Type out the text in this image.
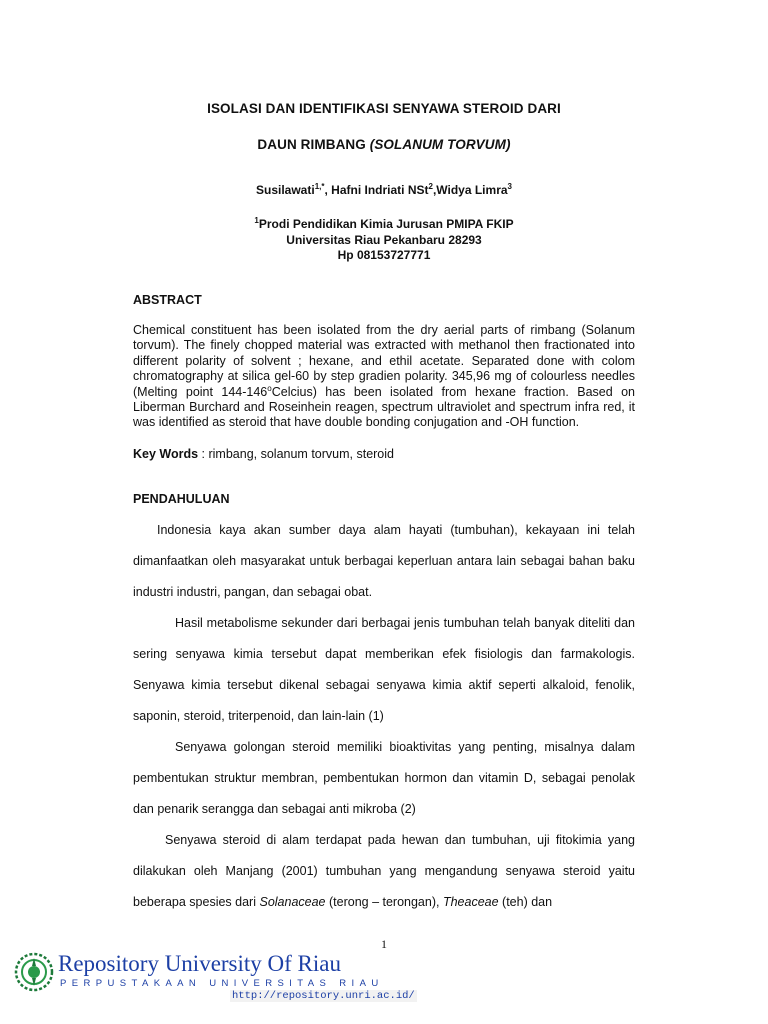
ISOLASI DAN IDENTIFIKASI SENYAWA STEROID DARI
DAUN RIMBANG (SOLANUM TORVUM)
Susilawati$^{1,*}$, Hafni Indriati NSt$^2$,Widya Limra$^3$
$^1$Prodi Pendidikan Kimia Jurusan PMIPA FKIP
Universitas Riau Pekanbaru 28293
Hp 08153727771
ABSTRACT
Chemical constituent has been isolated from the dry aerial parts of rimbang (Solanum torvum). The finely chopped material was extracted with methanol then fractionated into different polarity of solvent ; hexane, and ethil acetate. Separated done with colom chromatography at silica gel-60 by step gradien polarity. 345,96 mg of colourless needles (Melting point 144-146$^o$Celcius) has been isolated from hexane fraction. Based on Liberman Burchard and Roseinhein reagen, spectrum ultraviolet and spectrum infra red, it was identified as steroid that have double bonding conjugation and -OH function.
Key Words : rimbang, solanum torvum, steroid
PENDAHULUAN

Indonesia kaya akan sumber daya alam hayati (tumbuhan), kekayaan ini telah dimanfaatkan oleh masyarakat untuk berbagai keperluan antara lain sebagai bahan baku industri industri, pangan, dan sebagai obat.

Hasil metabolisme sekunder dari berbagai jenis tumbuhan telah banyak diteliti dan sering senyawa kimia tersebut dapat memberikan efek fisiologis dan farmakologis. Senyawa kimia tersebut dikenal sebagai senyawa kimia aktif seperti alkaloid, fenolik, saponin, steroid, triterpenoid, dan lain-lain (1)

Senyawa golongan steroid memiliki bioaktivitas yang penting, misalnya dalam pembentukan struktur membran, pembentukan hormon dan vitamin D, sebagai penolak dan penarik serangga dan sebagai anti mikroba (2)

Senyawa steroid di alam terdapat pada hewan dan tumbuhan, uji fitokimia yang dilakukan oleh Manjang (2001) tumbuhan yang mengandung senyawa steroid yaitu beberapa spesies dari Solanaceae (terong – terongan), Theaceae (teh) dan

1
Repository University Of Riau
PERPUSTAKAAN UNIVERSITAS RIAU
http://repository.unri.ac.id/
